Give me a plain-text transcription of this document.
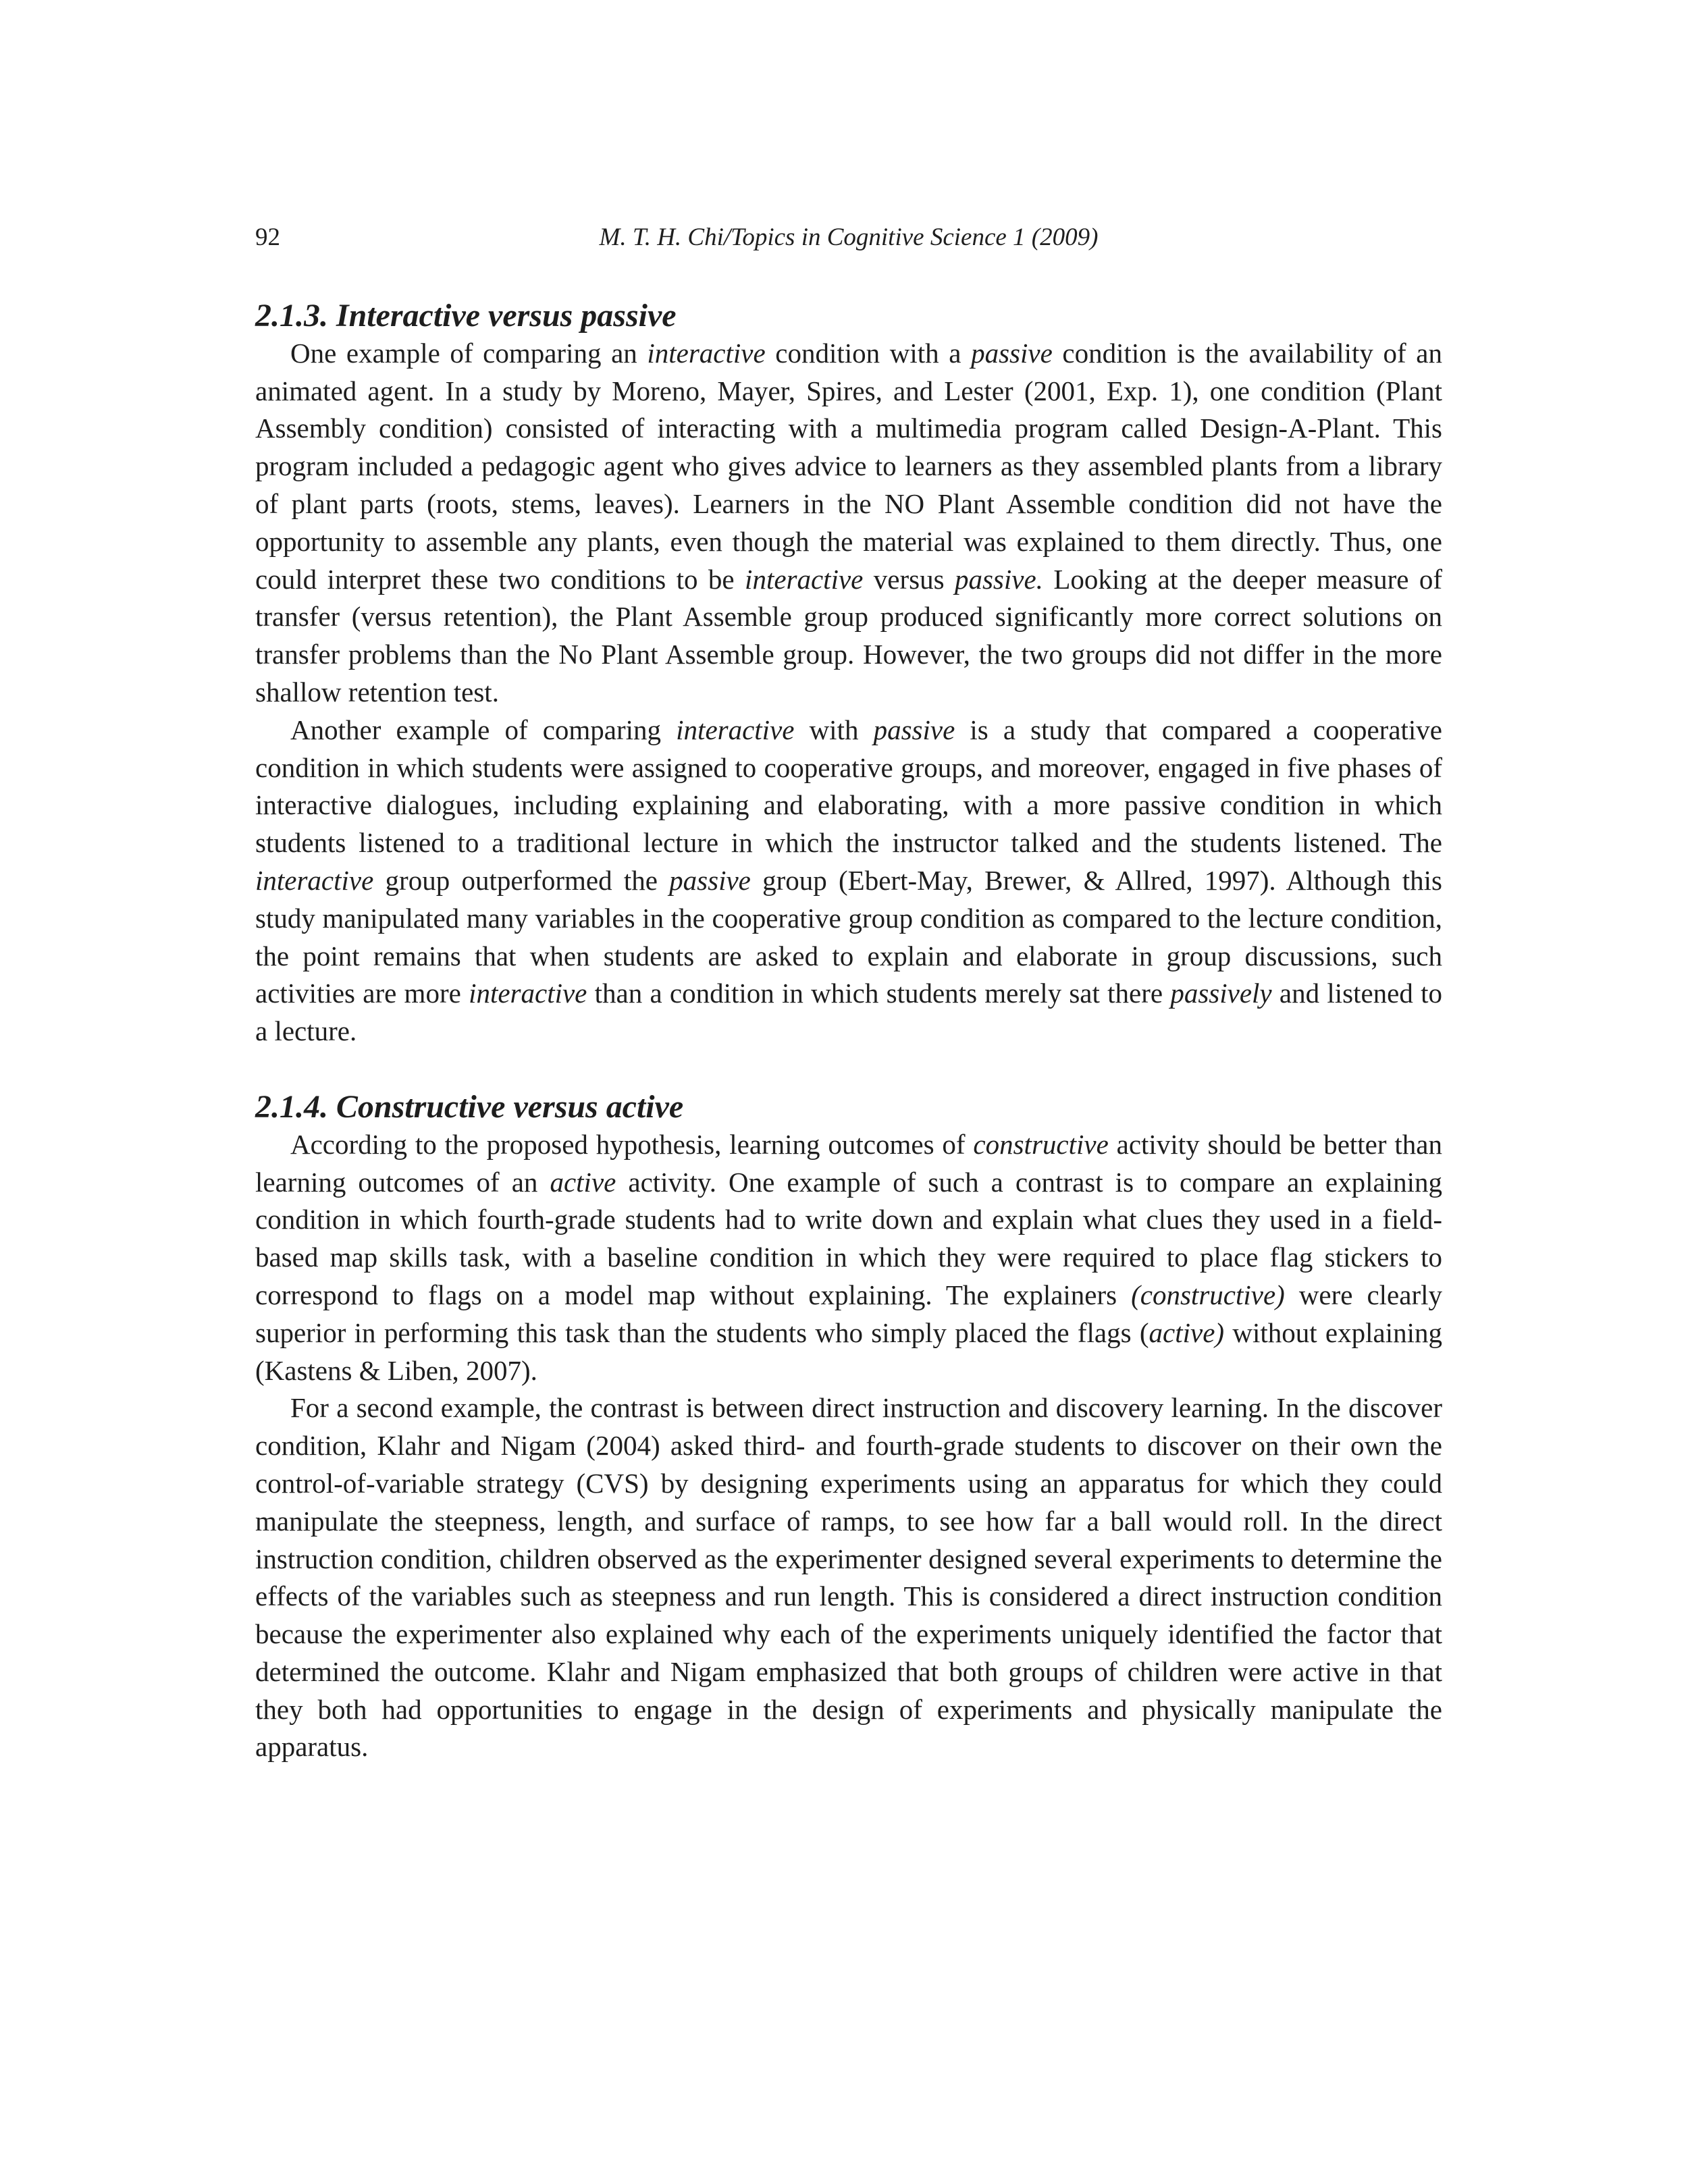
92	M. T. H. Chi/Topics in Cognitive Science 1 (2009)
2.1.3. Interactive versus passive

One example of comparing an interactive condition with a passive condition is the availability of an animated agent. In a study by Moreno, Mayer, Spires, and Lester (2001, Exp. 1), one condition (Plant Assembly condition) consisted of interacting with a multimedia program called Design-A-Plant. This program included a pedagogic agent who gives advice to learners as they assembled plants from a library of plant parts (roots, stems, leaves). Learners in the NO Plant Assemble condition did not have the opportunity to assemble any plants, even though the material was explained to them directly. Thus, one could interpret these two conditions to be interactive versus passive. Looking at the deeper measure of transfer (versus retention), the Plant Assemble group produced significantly more correct solutions on transfer problems than the No Plant Assemble group. However, the two groups did not differ in the more shallow retention test.

Another example of comparing interactive with passive is a study that compared a cooperative condition in which students were assigned to cooperative groups, and moreover, engaged in five phases of interactive dialogues, including explaining and elaborating, with a more passive condition in which students listened to a traditional lecture in which the instructor talked and the students listened. The interactive group outperformed the passive group (Ebert-May, Brewer, & Allred, 1997). Although this study manipulated many variables in the cooperative group condition as compared to the lecture condition, the point remains that when students are asked to explain and elaborate in group discussions, such activities are more interactive than a condition in which students merely sat there passively and listened to a lecture.

2.1.4. Constructive versus active

According to the proposed hypothesis, learning outcomes of constructive activity should be better than learning outcomes of an active activity. One example of such a contrast is to compare an explaining condition in which fourth-grade students had to write down and explain what clues they used in a field-based map skills task, with a baseline condition in which they were required to place flag stickers to correspond to flags on a model map without explaining. The explainers (constructive) were clearly superior in performing this task than the students who simply placed the flags (active) without explaining (Kastens & Liben, 2007).

For a second example, the contrast is between direct instruction and discovery learning. In the discover condition, Klahr and Nigam (2004) asked third- and fourth-grade students to discover on their own the control-of-variable strategy (CVS) by designing experiments using an apparatus for which they could manipulate the steepness, length, and surface of ramps, to see how far a ball would roll. In the direct instruction condition, children observed as the experimenter designed several experiments to determine the effects of the variables such as steepness and run length. This is considered a direct instruction condition because the experimenter also explained why each of the experiments uniquely identified the factor that determined the outcome. Klahr and Nigam emphasized that both groups of children were active in that they both had opportunities to engage in the design of experiments and physically manipulate the apparatus.
